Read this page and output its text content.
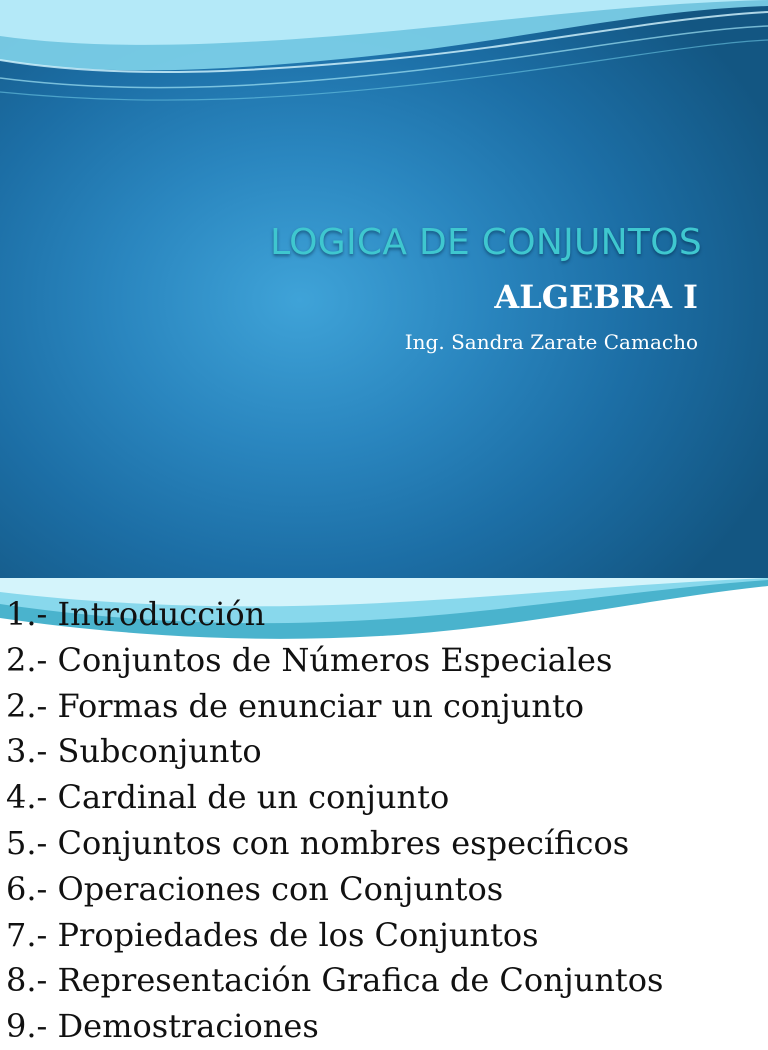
LOGICA DE CONJUNTOS
ALGEBRA I

Ing. Sandra Zarate Camacho

1.- Introducción
2.- Conjuntos de Números Especiales
2.- Formas de enunciar un conjunto
3.- Subconjunto
4.- Cardinal de un conjunto
5.- Conjuntos con nombres específicos
6.- Operaciones con Conjuntos
7.- Propiedades de los Conjuntos
8.- Representación Grafica de Conjuntos
9.- Demostraciones
